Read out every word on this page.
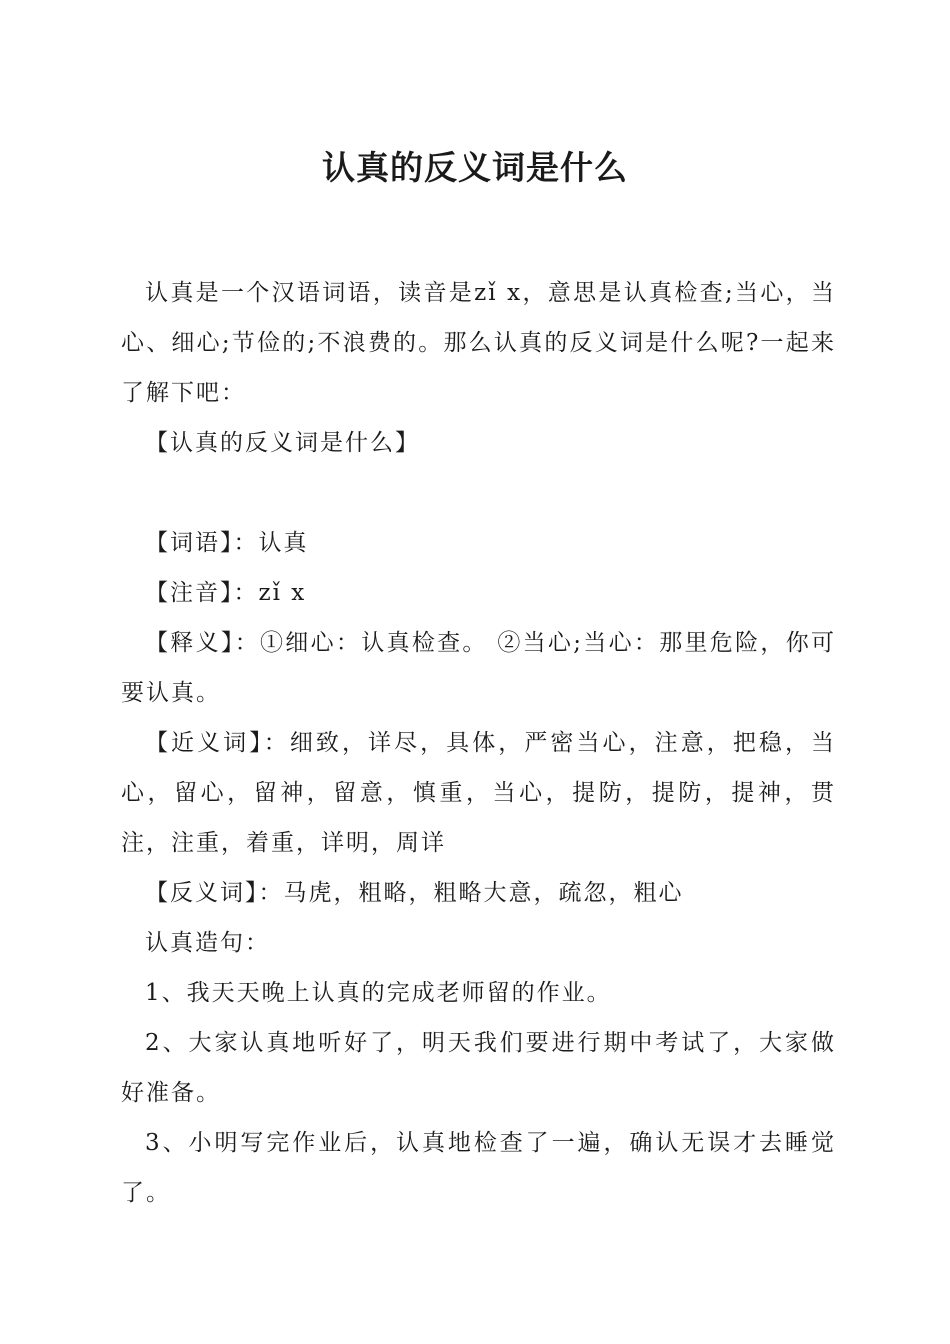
认真的反义词是什么

认真是一个汉语词语，读音是zǐ x，意思是认真检查;当心，当心、细心;节俭的;不浪费的。那么认真的反义词是什么呢?一起来了解下吧：

【认真的反义词是什么】

【词语】：认真

【注音】：zǐ x

【释义】：①细心：认真检查。 ②当心;当心：那里危险，你可要认真。

【近义词】：细致，详尽，具体，严密当心，注意，把稳，当心，留心，留神，留意，慎重，当心，提防，提防，提神，贯注，注重，着重，详明，周详

【反义词】：马虎，粗略，粗略大意，疏忽，粗心

认真造句：

1、我天天晚上认真的完成老师留的作业。

2、大家认真地听好了，明天我们要进行期中考试了，大家做好准备。

3、小明写完作业后，认真地检查了一遍，确认无误才去睡觉了。
